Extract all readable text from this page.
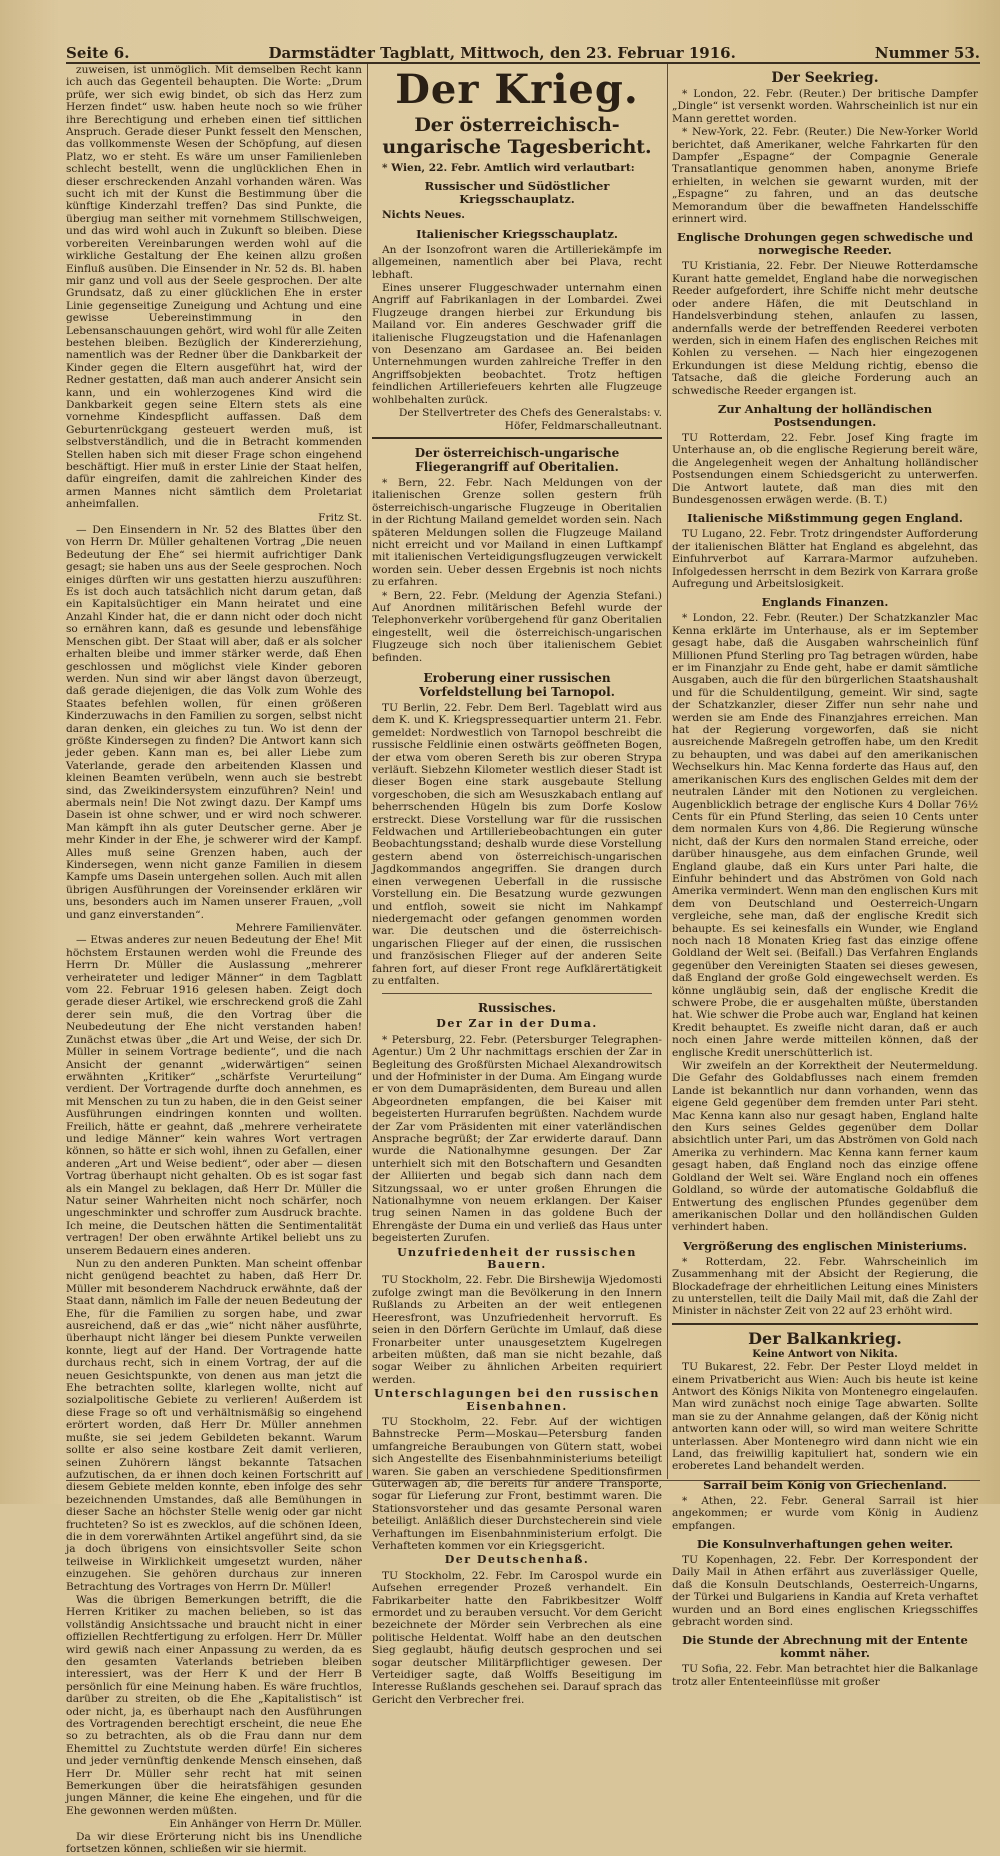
Seite 6.	Darmstädter Tagblatt, Mittwoch, den 23. Februar 1916.	Nummer 53.

zuweisen, ist unmöglich. Mit demselben Recht kann ich auch das Gegenteil behaupten. Die Worte: „Drum prüfe, wer sich ewig bindet, ob sich das Herz zum Herzen findet“ usw. haben heute noch so wie früher ihre Berechtigung und erheben einen tief sittlichen Anspruch. Gerade dieser Punkt fesselt den Menschen, das vollkommenste Wesen der Schöpfung, auf diesen Platz, wo er steht. Es wäre um unser Familienleben schlecht bestellt, wenn die unglücklichen Ehen in dieser erschreckenden Anzahl vorhanden wären. Was sucht ich mit der Kunst die Bestimmung über die künftige Kinderzahl treffen? Das sind Punkte, die übergiug man seither mit vornehmem Stillschweigen, und das wird wohl auch in Zukunft so bleiben. Diese vorbereiten Vereinbarungen werden wohl auf die wirkliche Gestaltung der Ehe keinen allzu großen Einfluß ausüben. Die Einsender in Nr. 52 ds. Bl. haben mir ganz und voll aus der Seele gesprochen. Der alte Grundsatz, daß zu einer glücklichen Ehe in erster Linie gegenseitige Zuneigung und Achtung und eine gewisse Uebereinstimmung in den Lebensanschauungen gehört, wird wohl für alle Zeiten bestehen bleiben. Bezüglich der Kindererziehung, namentlich was der Redner über die Dankbarkeit der Kinder gegen die Eltern ausgeführt hat, wird der Redner gestatten, daß man auch anderer Ansicht sein kann, und ein wohlerzogenes Kind wird die Dankbarkeit gegen seine Eltern stets als eine vornehme Kindespflicht auffassen. Daß dem Geburtenrückgang gesteuert werden muß, ist selbstverständlich, und die in Betracht kommenden Stellen haben sich mit dieser Frage schon eingehend beschäftigt. Hier muß in erster Linie der Staat helfen, dafür eingreifen, damit die zahlreichen Kinder des armen Mannes nicht sämtlich dem Proletariat anheimfallen.

Fritz St.

— Den Einsendern in Nr. 52 des Blattes über den von Herrn Dr. Müller gehaltenen Vortrag „Die neuen Bedeutung der Ehe“ sei hiermit aufrichtiger Dank gesagt; sie haben uns aus der Seele gesprochen. Noch einiges dürften wir uns gestatten hierzu auszuführen: Es ist doch auch tatsächlich nicht darum getan, daß ein Kapitalsüchtiger ein Mann heiratet und eine Anzahl Kinder hat, die er dann nicht oder doch nicht so ernähren kann, daß es gesunde und lebensfähige Menschen gibt. Der Staat will aber, daß er als solcher erhalten bleibe und immer stärker werde, daß Ehen geschlossen und möglichst viele Kinder geboren werden. Nun sind wir aber längst davon überzeugt, daß gerade diejenigen, die das Volk zum Wohle des Staates befehlen wollen, für einen größeren Kinderzuwachs in den Familien zu sorgen, selbst nicht daran denken, ein gleiches zu tun. Wo ist denn der größte Kindersegen zu finden? Die Antwort kann sich jeder geben. Kann man es, bei aller Liebe zum Vaterlande, gerade den arbeitenden Klassen und kleinen Beamten verübeln, wenn auch sie bestrebt sind, das Zweikindersystem einzuführen? Nein! und abermals nein! Die Not zwingt dazu. Der Kampf ums Dasein ist ohne schwer, und er wird noch schwerer. Man kämpft ihn als guter Deutscher gerne. Aber je mehr Kinder in der Ehe, je schwerer wird der Kampf. Alles muß seine Grenzen haben, auch der Kindersegen, wenn nicht ganze Familien in diesem Kampfe ums Dasein untergehen sollen. Auch mit allen übrigen Ausführungen der Voreinsender erklären wir uns, besonders auch im Namen unserer Frauen, „voll und ganz einverstanden“.

Mehrere Familienväter.

— Etwas anderes zur neuen Bedeutung der Ehe! Mit höchstem Erstaunen werden wohl die Freunde des Herrn Dr. Müller die Auslassung „mehrerer verheirateter und lediger Männer“ in dem Tagblatt vom 22. Februar 1916 gelesen haben. Zeigt doch gerade dieser Artikel, wie erschreckend groß die Zahl derer sein muß, die den Vortrag über die Neubedeutung der Ehe nicht verstanden haben! Zunächst etwas über „die Art und Weise, der sich Dr. Müller in seinem Vortrage bediente“, und die nach Ansicht der genannt „widerwärtigen“ seinen erwähnten „Kritiker“ „schärfste Verurteilung“ verdient. Der Vortragende durfte doch annehmen, es mit Menschen zu tun zu haben, die in den Geist seiner Ausführungen eindringen konnten und wollten. Freilich, hätte er geahnt, daß „mehrere verheiratete und ledige Männer“ kein wahres Wort vertragen können, so hätte er sich wohl, ihnen zu Gefallen, einer anderen „Art und Weise bedient“, oder aber — diesen Vortrag überhaupt nicht gehalten. Ob es ist sogar fast als ein Mangel zu beklagen, daß Herr Dr. Müller die Natur seiner Wahrheiten nicht noch schärfer, noch ungeschminkter und schroffer zum Ausdruck brachte. Ich meine, die Deutschen hätten die Sentimentalität vertragen! Der oben erwähnte Artikel beliebt uns zu unserem Bedauern eines anderen.

Nun zu den anderen Punkten. Man scheint offenbar nicht genügend beachtet zu haben, daß Herr Dr. Müller mit besonderem Nachdruck erwähnte, daß der Staat dann, nämlich im Falle der neuen Bedeutung der Ehe, für die Familien zu sorgen habe, und zwar ausreichend, daß er das „wie“ nicht näher ausführte, überhaupt nicht länger bei diesem Punkte verweilen konnte, liegt auf der Hand. Der Vortragende hatte durchaus recht, sich in einem Vortrag, der auf die neuen Gesichtspunkte, von denen aus man jetzt die Ehe betrachten sollte, klarlegen wollte, nicht auf sozialpolitische Gebiete zu verlieren! Außerdem ist diese Frage so oft und verhältnismäßig so eingehend erörtert worden, daß Herr Dr. Müller annehmen mußte, sie sei jedem Gebildeten bekannt. Warum sollte er also seine kostbare Zeit damit verlieren, seinen Zuhörern längst bekannte Tatsachen aufzutischen, da er ihnen doch keinen Fortschritt auf diesem Gebiete melden konnte, eben infolge des sehr bezeichnenden Umstandes, daß alle Bemühungen in dieser Sache an höchster Stelle wenig oder gar nicht fruchteten? So ist es zwecklos, auf die schönen Ideen, die in dem vorerwähnten Artikel angeführt sind, da sie ja doch übrigens von einsichtsvoller Seite schon teilweise in Wirklichkeit umgesetzt wurden, näher einzugehen. Sie gehören durchaus zur inneren Betrachtung des Vortrages von Herrn Dr. Müller!

Was die übrigen Bemerkungen betrifft, die die Herren Kritiker zu machen belieben, so ist das vollständig Ansichtssache und braucht nicht in einer offiziellen Rechtfertigung zu erfolgen. Herr Dr. Müller wird gewiß nach einer Anpassung zu werden, da es den gesamten Vaterlands betrieben bleiben interessiert, was der Herr K und der Herr B persönlich für eine Meinung haben. Es wäre fruchtlos, darüber zu streiten, ob die Ehe „Kapitalistisch“ ist oder nicht, ja, es überhaupt nach den Ausführungen des Vortragenden berechtigt erscheint, die neue Ehe so zu betrachten, als ob die Frau dann nur dem Ehemittel zu Zuchtstute werden dürfe! Ein sicheres und jeder vernünftig denkende Mensch einsehen, daß Herr Dr. Müller sehr recht hat mit seinen Bemerkungen über die heiratsfähigen gesunden jungen Männer, die keine Ehe eingehen, und für die Ehe gewonnen werden müßten.

Ein Anhänger von Herrn Dr. Müller.

Da wir diese Erörterung nicht bis ins Unendliche fortsetzen können, schließen wir sie hiermit.

Der Krieg.
Der österreichisch-ungarische Tagesbericht.

* Wien, 22. Febr. Amtlich wird verlautbart:

Russischer und Südöstlicher Kriegsschauplatz.

Nichts Neues.

Italienischer Kriegsschauplatz.

An der Isonzofront waren die Artilleriekämpfe im allgemeinen, namentlich aber bei Plava, recht lebhaft.

Eines unserer Fluggeschwader unternahm einen Angriff auf Fabrikanlagen in der Lombardei. Zwei Flugzeuge drangen hierbei zur Erkundung bis Mailand vor. Ein anderes Geschwader griff die italienische Flugzeugstation und die Hafenanlagen von Desenzano am Gardasee an. Bei beiden Unternehmungen wurden zahlreiche Treffer in den Angriffsobjekten beobachtet. Trotz heftigen feindlichen Artilleriefeuers kehrten alle Flugzeuge wohlbehalten zurück.

Der Stellvertreter des Chefs des Generalstabs: v. Höfer, Feldmarschalleutnant.
Der österreichisch-ungarische Fliegerangriff auf Oberitalien.

* Bern, 22. Febr. Nach Meldungen von der italienischen Grenze sollen gestern früh österreichisch-ungarische Flugzeuge in Oberitalien in der Richtung Mailand gemeldet worden sein. Nach späteren Meldungen sollen die Flugzeuge Mailand nicht erreicht und vor Mailand in einen Luftkampf mit italienischen Verteidigungsflugzeugen verwickelt worden sein. Ueber dessen Ergebnis ist noch nichts zu erfahren.

* Bern, 22. Febr. (Meldung der Agenzia Stefani.) Auf Anordnen militärischen Befehl wurde der Telephonverkehr vorübergehend für ganz Oberitalien eingestellt, weil die österreichisch-ungarischen Flugzeuge sich noch über italienischem Gebiet befinden.

Eroberung einer russischen Vorfeldstellung bei Tarnopol.

TU Berlin, 22. Febr. Dem Berl. Tageblatt wird aus dem K. und K. Kriegspressequartier unterm 21. Febr. gemeldet: Nordwestlich von Tarnopol beschreibt die russische Feldlinie einen ostwärts geöffneten Bogen, der etwa vom oberen Sereth bis zur oberen Strypa verläuft. Siebzehn Kilometer westlich dieser Stadt ist dieser Bogen eine stark ausgebaute Stellung vorgeschoben, die sich am Wesuszkabach entlang auf beherrschenden Hügeln bis zum Dorfe Koslow erstreckt. Diese Vorstellung war für die russischen Feldwachen und Artilleriebeobachtungen ein guter Beobachtungsstand; deshalb wurde diese Vorstellung gestern abend von österreichisch-ungarischen Jagdkommandos angegriffen. Sie drangen durch einen verwegenen Ueberfall in die russische Vorstellung ein. Die Besatzung wurde gezwungen und entfloh, soweit sie nicht im Nahkampf niedergemacht oder gefangen genommen worden war. Die deutschen und die österreichisch-ungarischen Flieger auf der einen, die russischen und französischen Flieger auf der anderen Seite fahren fort, auf dieser Front rege Aufklärertätigkeit zu entfalten.

Russisches.
Der Zar in der Duma.

* Petersburg, 22. Febr. (Petersburger Telegraphen-Agentur.) Um 2 Uhr nachmittags erschien der Zar in Begleitung des Großfürsten Michael Alexandrowitsch und der Hofminister in der Duma. Am Eingang wurde er von dem Dumapräsidenten, dem Bureau und allen Abgeordneten empfangen, die bei Kaiser mit begeisterten Hurrarufen begrüßten. Nachdem wurde der Zar vom Präsidenten mit einer vaterländischen Ansprache begrüßt; der Zar erwiderte darauf. Dann wurde die Nationalhymne gesungen. Der Zar unterhielt sich mit den Botschaftern und Gesandten der Alliierten und begab sich dann nach dem Sitzungssaal, wo er unter großen Ehrungen die Nationalhymne von neuem erklangen. Der Kaiser trug seinen Namen in das goldene Buch der Ehrengäste der Duma ein und verließ das Haus unter begeisterten Zurufen.

Unzufriedenheit der russischen Bauern.

TU Stockholm, 22. Febr. Die Birshewija Wjedomosti zufolge zwingt man die Bevölkerung in den Innern Rußlands zu Arbeiten an der weit entlegenen Heeresfront, was Unzufriedenheit hervorruft. Es seien in den Dörfern Gerüchte im Umlauf, daß diese Fronarbeiter unter unausgesetztem Kugelregen arbeiten müßten, daß man sie nicht bezahle, daß sogar Weiber zu ähnlichen Arbeiten requiriert werden.

Unterschlagungen bei den russischen Eisenbahnen.

TU Stockholm, 22. Febr. Auf der wichtigen Bahnstrecke Perm—Moskau—Petersburg fanden umfangreiche Beraubungen von Gütern statt, wobei sich Angestellte des Eisenbahnministeriums beteiligt waren. Sie gaben an verschiedene Speditionsfirmen Güterwagen ab, die bereits für andere Transporte, sogar für Lieferung zur Front, bestimmt waren. Die Stationsvorsteher und das gesamte Personal waren beteiligt. Anläßlich dieser Durchstecherein sind viele Verhaftungen im Eisenbahnministerium erfolgt. Die Verhafteten kommen vor ein Kriegsgericht.

Der Deutschenhaß.

TU Stockholm, 22. Febr. Im Carospol wurde ein Aufsehen erregender Prozeß verhandelt. Ein Fabrikarbeiter hatte den Fabrikbesitzer Wolff ermordet und zu berauben versucht. Vor dem Gericht bezeichnete der Mörder sein Verbrechen als eine politische Heldentat. Wolff habe an den deutschen Sieg geglaubt, häufig deutsch gesprochen und sei sogar deutscher Militärpflichtiger gewesen. Der Verteidiger sagte, daß Wolffs Beseitigung im Interesse Rußlands geschehen sei. Darauf sprach das Gericht den Verbrecher frei.

Der Seekrieg.

* London, 22. Febr. (Reuter.) Der britische Dampfer „Dingle“ ist versenkt worden. Wahrscheinlich ist nur ein Mann gerettet worden.

* New-York, 22. Febr. (Reuter.) Die New-Yorker World berichtet, daß Amerikaner, welche Fahrkarten für den Dampfer „Espagne“ der Compagnie Generale Transatlantique genommen haben, anonyme Briefe erhielten, in welchen sie gewarnt wurden, mit der „Espagne“ zu fahren, und an das deutsche Memorandum über die bewaffneten Handelsschiffe erinnert wird.

Englische Drohungen gegen schwedische und norwegische Reeder.

TU Kristiania, 22. Febr. Der Nieuwe Rotterdamsche Kurant hatte gemeldet, England habe die norwegischen Reeder aufgefordert, ihre Schiffe nicht mehr deutsche oder andere Häfen, die mit Deutschland in Handelsverbindung stehen, anlaufen zu lassen, andernfalls werde der betreffenden Reederei verboten werden, sich in einem Hafen des englischen Reiches mit Kohlen zu versehen. — Nach hier eingezogenen Erkundungen ist diese Meldung richtig, ebenso die Tatsache, daß die gleiche Forderung auch an schwedische Reeder ergangen ist.

Zur Anhaltung der holländischen Postsendungen.

TU Rotterdam, 22. Febr. Josef King fragte im Unterhause an, ob die englische Regierung bereit wäre, die Angelegenheit wegen der Anhaltung holländischer Postsendungen einem Schiedsgericht zu unterwerfen. Die Antwort lautete, daß man dies mit den Bundesgenossen erwägen werde. (B. T.)

Italienische Mißstimmung gegen England.

TU Lugano, 22. Febr. Trotz dringendster Aufforderung der italienischen Blätter hat England es abgelehnt, das Einfuhrverbot auf Karrara-Marmor aufzuheben. Infolgedessen herrscht in dem Bezirk von Karrara große Aufregung und Arbeitslosigkeit.

Englands Finanzen.

* London, 22. Febr. (Reuter.) Der Schatzkanzler Mac Kenna erklärte im Unterhause, als er im September gesagt habe, daß die Ausgaben wahrscheinlich fünf Millionen Pfund Sterling pro Tag betragen würden, habe er im Finanzjahr zu Ende geht, habe er damit sämtliche Ausgaben, auch die für den bürgerlichen Staatshaushalt und für die Schuldentilgung, gemeint. Wir sind, sagte der Schatzkanzler, dieser Ziffer nun sehr nahe und werden sie am Ende des Finanzjahres erreichen. Man hat der Regierung vorgeworfen, daß sie nicht ausreichende Maßregeln getroffen habe, um den Kredit zu behaupten, und was dabei auf den amerikanischen Wechselkurs hin. Mac Kenna forderte das Haus auf, den amerikanischen Kurs des englischen Geldes mit dem der neutralen Länder mit den Notionen zu vergleichen. Augenblicklich betrage der englische Kurs 4 Dollar 76½ Cents für ein Pfund Sterling, das seien 10 Cents unter dem normalen Kurs von 4,86. Die Regierung wünsche nicht, daß der Kurs den normalen Stand erreiche, oder darüber hinausgehe, aus dem einfachen Grunde, weil England glaube, daß ein Kurs unter Pari halte, die Einfuhr behindert und das Abströmen von Gold nach Amerika vermindert. Wenn man den englischen Kurs mit dem von Deutschland und Oesterreich-Ungarn vergleiche, sehe man, daß der englische Kredit sich behaupte. Es sei keinesfalls ein Wunder, wie England noch nach 18 Monaten Krieg fast das einzige offene Goldland der Welt sei. (Beifall.) Das Verfahren Englands gegenüber den Vereinigten Staaten sei dieses gewesen, daß England der große Gold eingewechselt werden. Es könne ungläubig sein, daß der englische Kredit die schwere Probe, die er ausgehalten müßte, überstanden hat. Wie schwer die Probe auch war, England hat keinen Kredit behauptet. Es zweifle nicht daran, daß er auch noch einen Jahre werde mitteilen können, daß der englische Kredit unerschütterlich ist.

Wir zweifeln an der Korrektheit der Neutermeldung. Die Gefahr des Goldabflusses nach einem fremden Lande ist bekanntlich nur dann vorhanden, wenn das eigene Geld gegenüber dem fremden unter Pari steht. Mac Kenna kann also nur gesagt haben, England halte den Kurs seines Geldes gegenüber dem Dollar absichtlich unter Pari, um das Abströmen von Gold nach Amerika zu verhindern. Mac Kenna kann ferner kaum gesagt haben, daß England noch das einzige offene Goldland der Welt sei. Wäre England noch ein offenes Goldland, so würde der automatische Goldabfluß die Entwertung des englischen Pfundes gegenüber dem amerikanischen Dollar und den holländischen Gulden verhindert haben.

Vergrößerung des englischen Ministeriums.

* Rotterdam, 22. Febr. Wahrscheinlich im Zusammenhang mit der Absicht der Regierung, die Blockadefrage der ehrheitlichen Leitung eines Ministers zu unterstellen, teilt die Daily Mail mit, daß die Zahl der Minister in nächster Zeit von 22 auf 23 erhöht wird.

Der Balkankrieg.
Keine Antwort von Nikita.

TU Bukarest, 22. Febr. Der Pester Lloyd meldet in einem Privatbericht aus Wien: Auch bis heute ist keine Antwort des Königs Nikita von Montenegro eingelaufen. Man wird zunächst noch einige Tage abwarten. Sollte man sie zu der Annahme gelangen, daß der König nicht antworten kann oder will, so wird man weitere Schritte unterlassen. Aber Montenegro wird dann nicht wie ein Land, das freiwillig kapituliert hat, sondern wie ein eroberetes Land behandelt werden.

Sarrail beim König von Griechenland.

* Athen, 22. Febr. General Sarrail ist hier angekommen; er wurde vom König in Audienz empfangen.

Die Konsulnverhaftungen gehen weiter.

TU Kopenhagen, 22. Febr. Der Korrespondent der Daily Mail in Athen erfährt aus zuverlässiger Quelle, daß die Konsuln Deutschlands, Oesterreich-Ungarns, der Türkei und Bulgariens in Kandia auf Kreta verhaftet wurden und an Bord eines englischen Kriegsschiffes gebracht worden sind.

Die Stunde der Abrechnung mit der Entente kommt näher.

TU Sofia, 22. Febr. Man betrachtet hier die Balkanlage trotz aller Ententeeinflüsse mit großer
